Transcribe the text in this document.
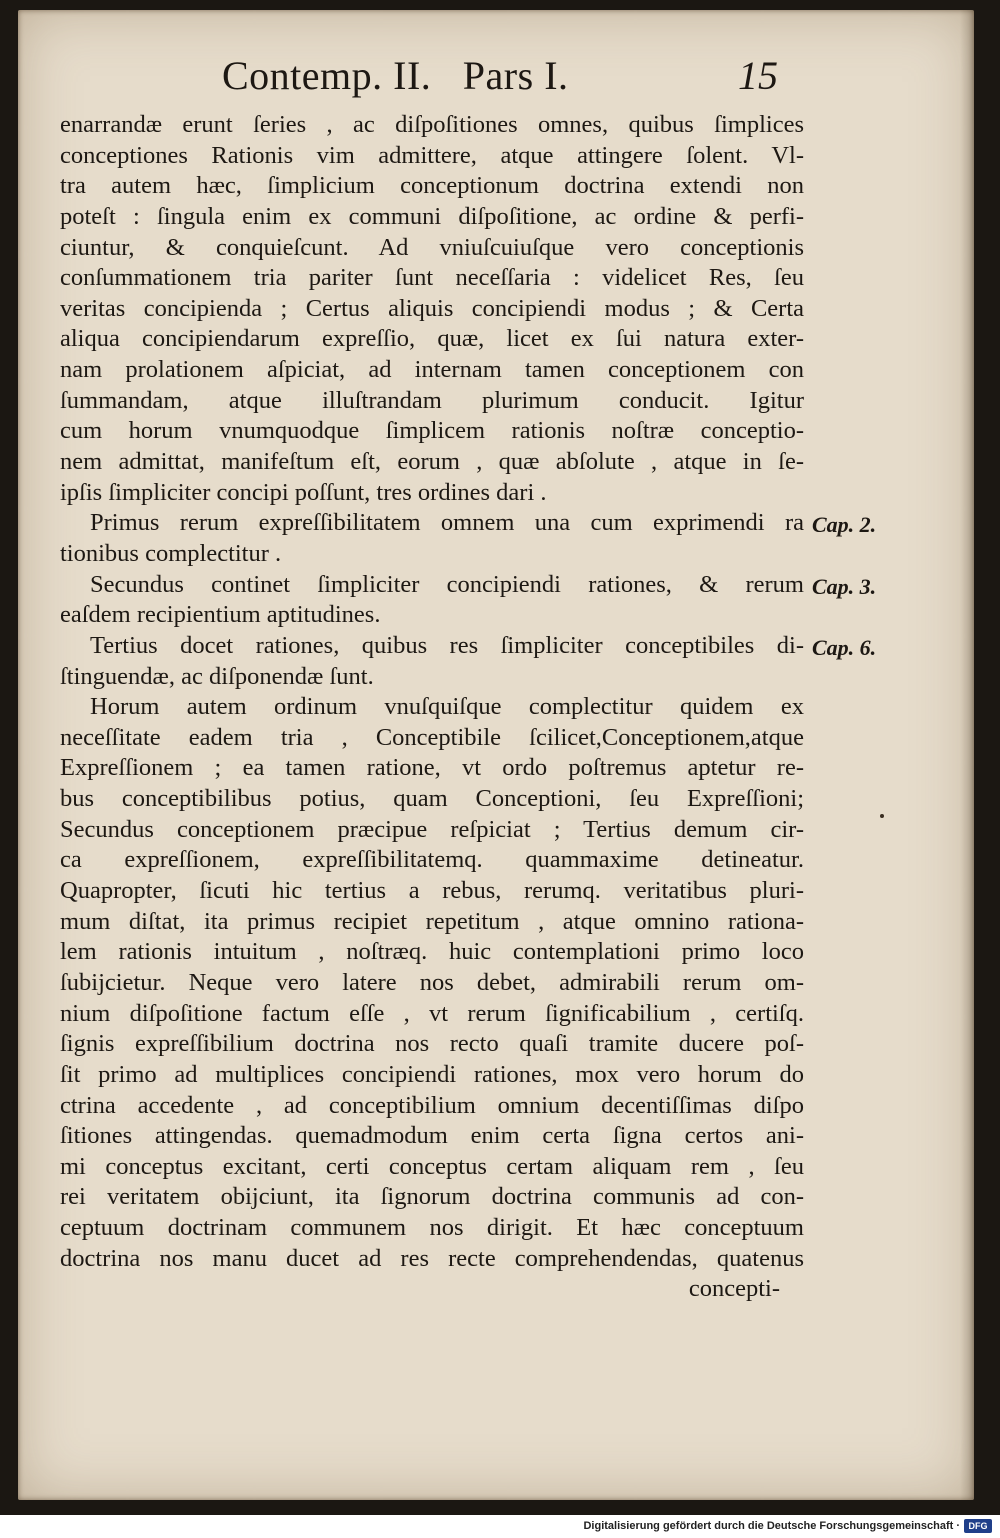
Contemp. II.   Pars I.	15
enarrandæ erunt ſeries , ac diſpoſitiones omnes, quibus ſimplices
conceptiones Rationis vim admittere, atque attingere ſolent. Vl-
tra autem hæc, ſimplicium conceptionum doctrina extendi non
poteſt : ſingula enim ex communi diſpoſitione, ac ordine & perfi-
ciuntur, & conquieſcunt. Ad vniuſcuiuſque vero conceptionis
conſummationem tria pariter ſunt neceſſaria : videlicet Res, ſeu
veritas concipienda ; Certus aliquis concipiendi modus ; & Certa
aliqua concipiendarum expreſſio, quæ, licet ex ſui natura exter-
nam prolationem aſpiciat, ad internam tamen conceptionem con
ſummandam, atque illuſtrandam plurimum conducit. Igitur
cum horum vnumquodque ſimplicem rationis noſtræ conceptio-
nem admittat, manifeſtum eſt, eorum , quæ abſolute , atque in ſe-
ipſis ſimpliciter concipi poſſunt, tres ordines dari .
Primus rerum expreſſibilitatem omnem una cum exprimendi ra
tionibus complectitur .
Secundus continet ſimpliciter concipiendi rationes, & rerum
eaſdem recipientium aptitudines.
Tertius docet rationes, quibus res ſimpliciter conceptibiles di-
ſtinguendæ, ac diſponendæ ſunt.
Horum autem ordinum vnuſquiſque complectitur quidem ex
neceſſitate eadem tria , Conceptibile ſcilicet,Conceptionem,atque
Expreſſionem ; ea tamen ratione, vt ordo poſtremus aptetur re-
bus conceptibilibus potius, quam Conceptioni, ſeu Expreſſioni;
Secundus conceptionem præcipue reſpiciat ; Tertius demum cir-
ca expreſſionem, expreſſibilitatemq. quammaxime detineatur.
Quapropter, ſicuti hic tertius a rebus, rerumq. veritatibus pluri-
mum diſtat, ita primus recipiet repetitum , atque omnino rationa-
lem rationis intuitum , noſtræq. huic contemplationi primo loco
ſubijcietur. Neque vero latere nos debet, admirabili rerum om-
nium diſpoſitione factum eſſe , vt rerum ſignificabilium , certiſq.
ſignis expreſſibilium doctrina nos recto quaſi tramite ducere poſ-
ſit primo ad multiplices concipiendi rationes, mox vero horum do
ctrina accedente , ad conceptibilium omnium decentiſſimas diſpo
ſitiones attingendas. quemadmodum enim certa ſigna certos ani-
mi conceptus excitant, certi conceptus certam aliquam rem , ſeu
rei veritatem obijciunt, ita ſignorum doctrina communis ad con-
ceptuum doctrinam communem nos dirigit. Et hæc conceptuum
doctrina nos manu ducet ad res recte comprehendendas, quatenus
concepti-
Cap. 2.
Cap. 3.
Cap. 6.
Digitalisierung gefördert durch die Deutsche Forschungsgemeinschaft · DFG
